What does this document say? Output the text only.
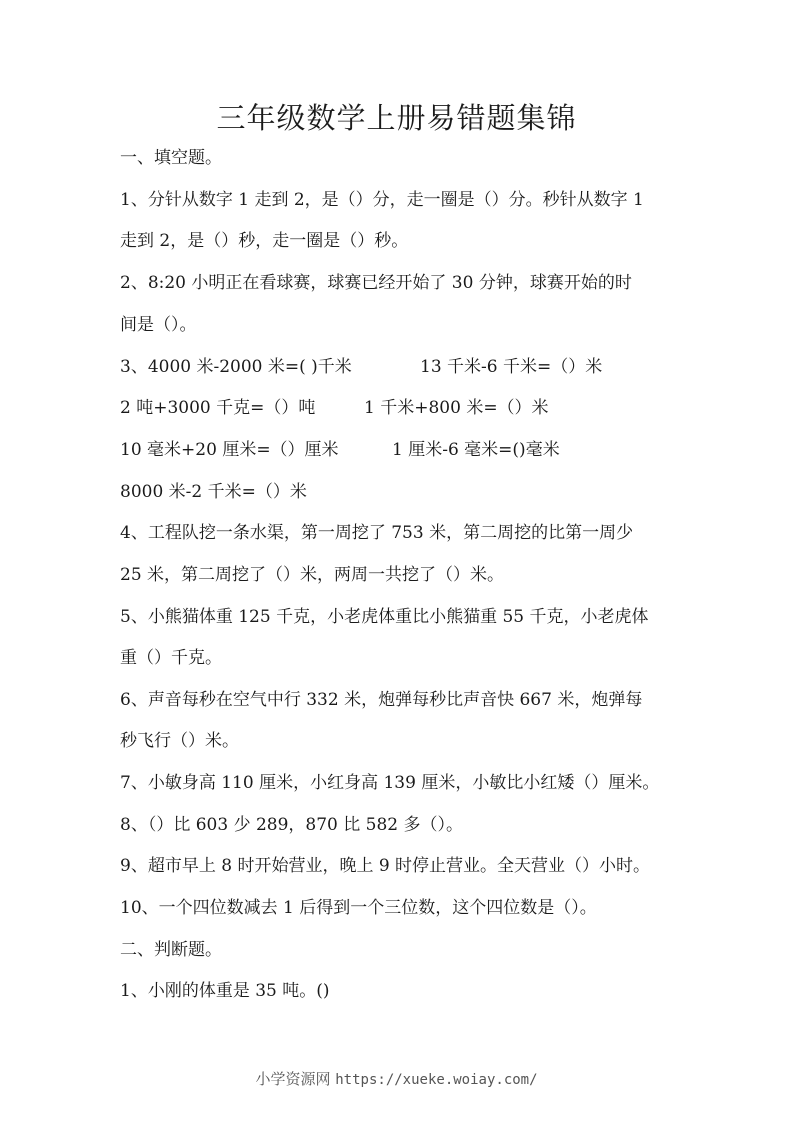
三年级数学上册易错题集锦
一、填空题。
1、分针从数字 1 走到 2，是（）分，走一圈是（）分。秒针从数字 1
走到 2，是（）秒，走一圈是（）秒。
2、8:20 小明正在看球赛，球赛已经开始了 30 分钟，球赛开始的时
间是（）。
3、4000 米-2000 米=( )千米	13 千米-6 千米=（）米
2 吨+3000 千克=（）吨	1 千米+800 米=（）米
10 毫米+20 厘米=（）厘米	1 厘米-6 毫米=()毫米
8000 米-2 千米=（）米
4、工程队挖一条水渠，第一周挖了 753 米，第二周挖的比第一周少
25 米，第二周挖了（）米，两周一共挖了（）米。
5、小熊猫体重 125 千克，小老虎体重比小熊猫重 55 千克，小老虎体
重（）千克。
6、声音每秒在空气中行 332 米，炮弹每秒比声音快 667 米，炮弹每
秒飞行（）米。
7、小敏身高 110 厘米，小红身高 139 厘米，小敏比小红矮（）厘米。
8、（）比 603 少 289，870 比 582 多（）。
9、超市早上 8 时开始营业，晚上 9 时停止营业。全天营业（）小时。
10、一个四位数减去 1 后得到一个三位数，这个四位数是（）。
二、判断题。
1、小刚的体重是 35 吨。()
小学资源网 https://xueke.woiay.com/
